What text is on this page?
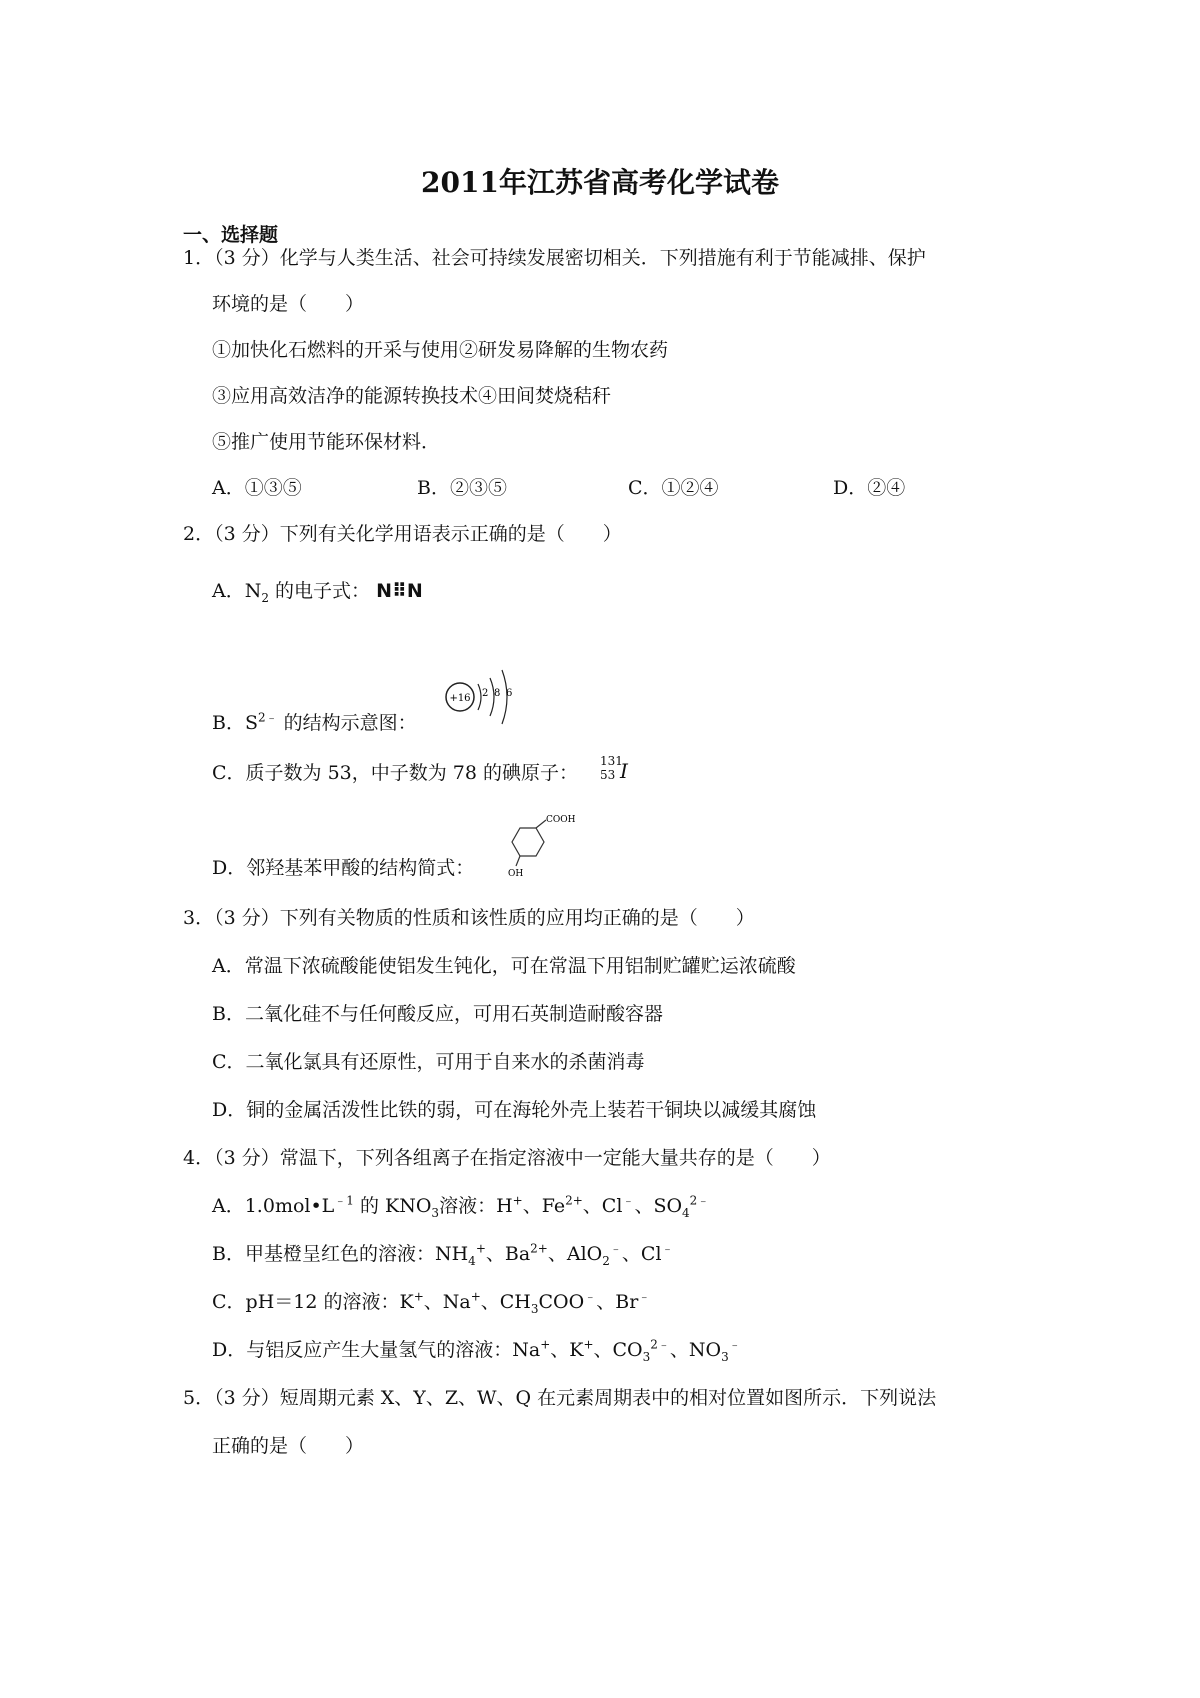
2011年江苏省高考化学试卷
一、选择题
1．（3 分）化学与人类生活、社会可持续发展密切相关．下列措施有利于节能减排、保护
环境的是（　　）
①加快化石燃料的开采与使用②研发易降解的生物农药
③应用高效洁净的能源转换技术④田间焚烧秸秆
⑤推广使用节能环保材料．
A．①③⑤	B．②③⑤	C．①②④	D．②④
2．（3 分）下列有关化学用语表示正确的是（　　）
A．$N_2$ 的电子式： N⠿N
B．$S^{2﹣}$ 的结构示意图：
+16 2 8 6
C．质子数为 53，中子数为 78 的碘原子：
131
53 I
D．邻羟基苯甲酸的结构简式：
COOH
OH
3．（3 分）下列有关物质的性质和该性质的应用均正确的是（　　）
A．常温下浓硫酸能使铝发生钝化，可在常温下用铝制贮罐贮运浓硫酸
B．二氧化硅不与任何酸反应，可用石英制造耐酸容器
C．二氧化氯具有还原性，可用于自来水的杀菌消毒
D．铜的金属活泼性比铁的弱，可在海轮外壳上装若干铜块以减缓其腐蚀
4．（3 分）常温下，下列各组离子在指定溶液中一定能大量共存的是（　　）
A．$1.0mol•L^{﹣1}$ 的 $KNO_3$溶液：H+、$Fe^{2+}$、Cl﹣、$SO_4^{2﹣}$
B．甲基橙呈红色的溶液：$NH_4^+$、$Ba^{2+}$、AlO$_2$﹣、Cl﹣
C．pH＝12 的溶液：K+、Na+、$CH_3COO^﹣$、Br﹣
D．与铝反应产生大量氢气的溶液：Na+、K+、$CO_3^{2﹣}$、$NO_3^﹣$
5．（3 分）短周期元素 X、Y、Z、W、Q 在元素周期表中的相对位置如图所示．下列说法
正确的是（　　）
